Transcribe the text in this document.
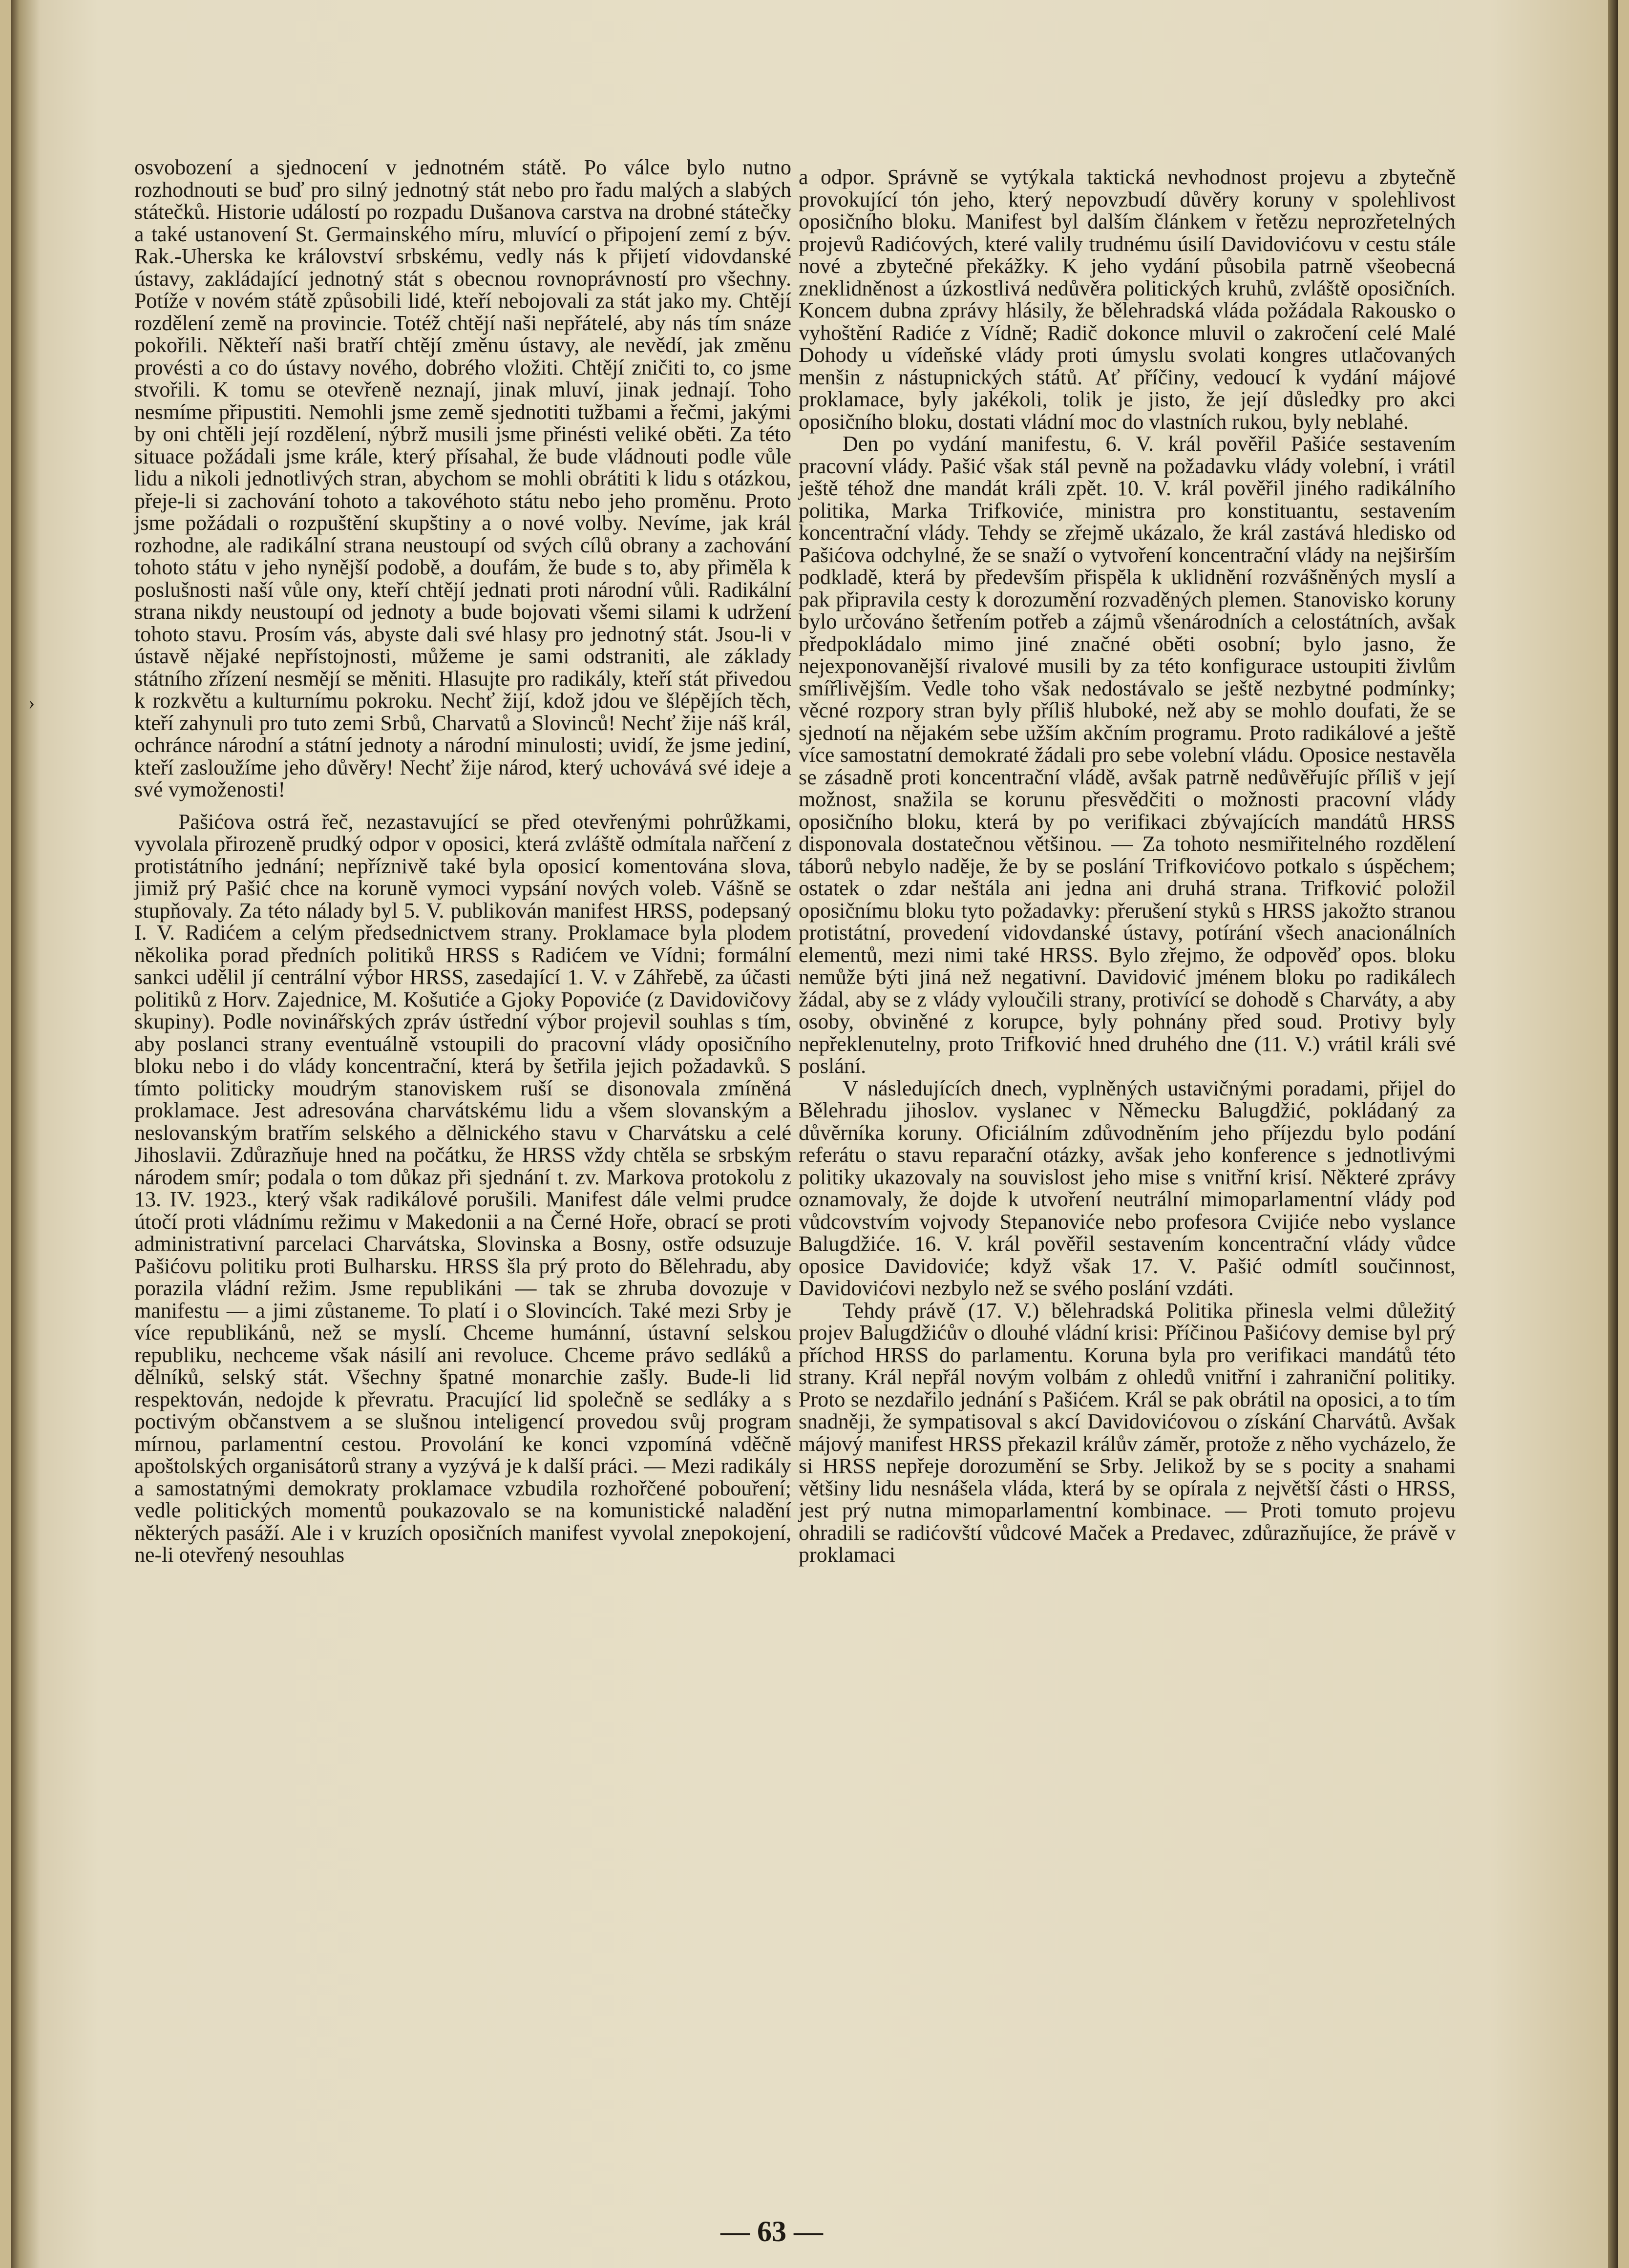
›

osvobození a sjednocení v jednotném státě. Po válce bylo nutno rozhodnouti se buď pro silný jednotný stát nebo pro řadu malých a slabých státečků. Historie událostí po rozpadu Dušanova carstva na drobné státečky a také ustanovení St. Germainského míru, mluvící o připojení zemí z býv. Rak.-Uherska ke království srbskému, vedly nás k přijetí vidovdanské ústavy, zakládající jednotný stát s obecnou rovnoprávností pro všechny. Potíže v novém státě způsobili lidé, kteří nebojovali za stát jako my. Chtějí rozdělení země na provincie. Totéž chtějí naši nepřátelé, aby nás tím snáze pokořili. Někteří naši bratří chtějí změnu ústavy, ale nevědí, jak změnu provésti a co do ústavy nového, dobrého vložiti. Chtějí zničiti to, co jsme stvořili. K tomu se otevřeně neznají, jinak mluví, jinak jednají. Toho nesmíme připustiti. Nemohli jsme země sjednotiti tužbami a řečmi, jakými by oni chtěli její rozdělení, nýbrž musili jsme přinésti veliké oběti. Za této situace požádali jsme krále, který přísahal, že bude vládnouti podle vůle lidu a nikoli jednotlivých stran, abychom se mohli obrátiti k lidu s otázkou, přeje-li si zachování tohoto a takovéhoto státu nebo jeho proměnu. Proto jsme požádali o rozpuštění skupštiny a o nové volby. Nevíme, jak král rozhodne, ale radikální strana neustoupí od svých cílů obrany a zachování tohoto státu v jeho nynější podobě, a doufám, že bude s to, aby přiměla k poslušnosti naší vůle ony, kteří chtějí jednati proti národní vůli. Radikální strana nikdy neustoupí od jednoty a bude bojovati všemi silami k udržení tohoto stavu. Prosím vás, abyste dali své hlasy pro jednotný stát. Jsou-li v ústavě nějaké nepřístojnosti, můžeme je sami odstraniti, ale základy státního zřízení nesmějí se měniti. Hlasujte pro radikály, kteří stát přivedou k rozkvětu a kulturnímu pokroku. Nechť žijí, kdož jdou ve šlépějích těch, kteří zahynuli pro tuto zemi Srbů, Charvatů a Slovinců! Nechť žije náš král, ochránce národní a státní jednoty a národní minulosti; uvidí, že jsme jediní, kteří zasloužíme jeho důvěry! Nechť žije národ, který uchovává své ideje a své vymoženosti!

Pašićova ostrá řeč, nezastavující se před otevřenými pohrůžkami, vyvolala přirozeně prudký odpor v oposici, která zvláště odmítala nařčení z protistátního jednání; nepříznivě také byla oposicí komentována slova, jimiž prý Pašić chce na koruně vymoci vypsání nových voleb. Vášně se stupňovaly. Za této nálady byl 5. V. publikován manifest HRSS, podepsaný I. V. Radićem a celým předsednictvem strany. Proklamace byla plodem několika porad předních politiků HRSS s Radićem ve Vídni; formální sankci udělil jí centrální výbor HRSS, zasedající 1. V. v Záhřebě, za účasti politiků z Horv. Zajednice, M. Košutiće a Gjoky Popoviće (z Davidovičovy skupiny). Podle novinářských zpráv ústřední výbor projevil souhlas s tím, aby poslanci strany eventuálně vstoupili do pracovní vlády oposičního bloku nebo i do vlády koncentrační, která by šetřila jejich požadavků. S tímto politicky moudrým stanoviskem ruší se disonovala zmíněná proklamace. Jest adresována charvátskému lidu a všem slovanským a neslovanským bratřím selského a dělnického stavu v Charvátsku a celé Jihoslavii. Zdůrazňuje hned na počátku, že HRSS vždy chtěla se srbským národem smír; podala o tom důkaz při sjednání t. zv. Markova protokolu z 13. IV. 1923., který však radikálové porušili. Manifest dále velmi prudce útočí proti vládnímu režimu v Makedonii a na Černé Hoře, obrací se proti administrativní parcelaci Charvátska, Slovinska a Bosny, ostře odsuzuje Pašićovu politiku proti Bulharsku. HRSS šla prý proto do Bělehradu, aby porazila vládní režim. Jsme republikáni — tak se zhruba dovozuje v manifestu — a jimi zůstaneme. To platí i o Slovincích. Také mezi Srby je více republikánů, než se myslí. Chceme humánní, ústavní selskou republiku, nechceme však násilí ani revoluce. Chceme právo sedláků a dělníků, selský stát. Všechny špatné monarchie zašly. Bude-li lid respektován, nedojde k převratu. Pracující lid společně se sedláky a s poctivým občanstvem a se slušnou inteligencí provedou svůj program mírnou, parlamentní cestou. Provolání ke konci vzpomíná vděčně apoštolských organisátorů strany a vyzývá je k další práci. — Mezi radikály a samostatnými demokraty proklamace vzbudila rozhořčené pobouření; vedle politických momentů poukazovalo se na komunistické naladění některých pasáží. Ale i v kruzích oposičních manifest vyvolal znepokojení, ne-li otevřený nesouhlas

a odpor. Správně se vytýkala taktická nevhodnost projevu a zbytečně provokující tón jeho, který nepovzbudí důvěry koruny v spolehlivost oposičního bloku. Manifest byl dalším článkem v řetězu neprozřetelných projevů Radićových, které valily trudnému úsilí Davidovićovu v cestu stále nové a zbytečné překážky. K jeho vydání působila patrně všeobecná zneklidněnost a úzkostlivá nedůvěra politických kruhů, zvláště oposičních. Koncem dubna zprávy hlásily, že bělehradská vláda požádala Rakousko o vyhoštění Radiće z Vídně; Radič dokonce mluvil o zakročení celé Malé Dohody u vídeňské vlády proti úmyslu svolati kongres utlačovaných menšin z nástupnických států. Ať příčiny, vedoucí k vydání májové proklamace, byly jakékoli, tolik je jisto, že její důsledky pro akci oposičního bloku, dostati vládní moc do vlastních rukou, byly neblahé.

Den po vydání manifestu, 6. V. král pověřil Pašiće sestavením pracovní vlády. Pašić však stál pevně na požadavku vlády volební, i vrátil ještě téhož dne mandát králi zpět. 10. V. král pověřil jiného radikálního politika, Marka Trifkoviće, ministra pro konstituantu, sestavením koncentrační vlády. Tehdy se zřejmě ukázalo, že král zastává hledisko od Pašićova odchylné, že se snaží o vytvoření koncentrační vlády na nejširším podkladě, která by především přispěla k uklidnění rozvášněných myslí a pak připravila cesty k dorozumění rozvaděných plemen. Stanovisko koruny bylo určováno šetřením potřeb a zájmů všenárodních a celostátních, avšak předpokládalo mimo jiné značné oběti osobní; bylo jasno, že nejexponovanější rivalové musili by za této konfigurace ustoupiti živlům smířlivějším. Vedle toho však nedostávalo se ještě nezbytné podmínky; věcné rozpory stran byly příliš hluboké, než aby se mohlo doufati, že se sjednotí na nějakém sebe užším akčním programu. Proto radikálové a ještě více samostatní demokraté žádali pro sebe volební vládu. Oposice nestavěla se zásadně proti koncentrační vládě, avšak patrně nedůvěřujíc příliš v její možnost, snažila se korunu přesvědčiti o možnosti pracovní vlády oposičního bloku, která by po verifikaci zbývajících mandátů HRSS disponovala dostatečnou většinou. — Za tohoto nesmiřitelného rozdělení táborů nebylo naděje, že by se poslání Trifkovićovo potkalo s úspěchem; ostatek o zdar neštála ani jedna ani druhá strana. Trifković položil oposičnímu bloku tyto požadavky: přerušení styků s HRSS jakožto stranou protistátní, provedení vidovdanské ústavy, potírání všech anacionálních elementů, mezi nimi také HRSS. Bylo zřejmo, že odpověď opos. bloku nemůže býti jiná než negativní. Davidović jménem bloku po radikálech žádal, aby se z vlády vyloučili strany, protivící se dohodě s Charváty, a aby osoby, obviněné z korupce, byly pohnány před soud. Protivy byly nepřeklenutelny, proto Trifković hned druhého dne (11. V.) vrátil králi své poslání.

V následujících dnech, vyplněných ustavičnými poradami, přijel do Bělehradu jihoslov. vyslanec v Německu Balugdžić, pokládaný za důvěrníka koruny. Oficiálním zdůvodněním jeho příjezdu bylo podání referátu o stavu reparační otázky, avšak jeho konference s jednotlivými politiky ukazovaly na souvislost jeho mise s vnitřní krisí. Některé zprávy oznamovaly, že dojde k utvoření neutrální mimoparlamentní vlády pod vůdcovstvím vojvody Stepanoviće nebo profesora Cvijiće nebo vyslance Balugdžiće. 16. V. král pověřil sestavením koncentrační vlády vůdce oposice Davidoviće; když však 17. V. Pašić odmítl součinnost, Davidovićovi nezbylo než se svého poslání vzdáti.

Tehdy právě (17. V.) bělehradská Politika přinesla velmi důležitý projev Balugdžićův o dlouhé vládní krisi: Příčinou Pašićovy demise byl prý příchod HRSS do parlamentu. Koruna byla pro verifikaci mandátů této strany. Král nepřál novým volbám z ohledů vnitřní i zahraniční politiky. Proto se nezdařilo jednání s Pašićem. Král se pak obrátil na oposici, a to tím snadněji, že sympatisoval s akcí Davidovićovou o získání Charvátů. Avšak májový manifest HRSS překazil králův záměr, protože z něho vycházelo, že si HRSS nepřeje dorozumění se Srby. Jelikož by se s pocity a snahami většiny lidu nesnášela vláda, která by se opírala z největší části o HRSS, jest prý nutna mimoparlamentní kombinace. — Proti tomuto projevu ohradili se radićovští vůdcové Maček a Predavec, zdůrazňujíce, že právě v proklamaci

— 63 —
